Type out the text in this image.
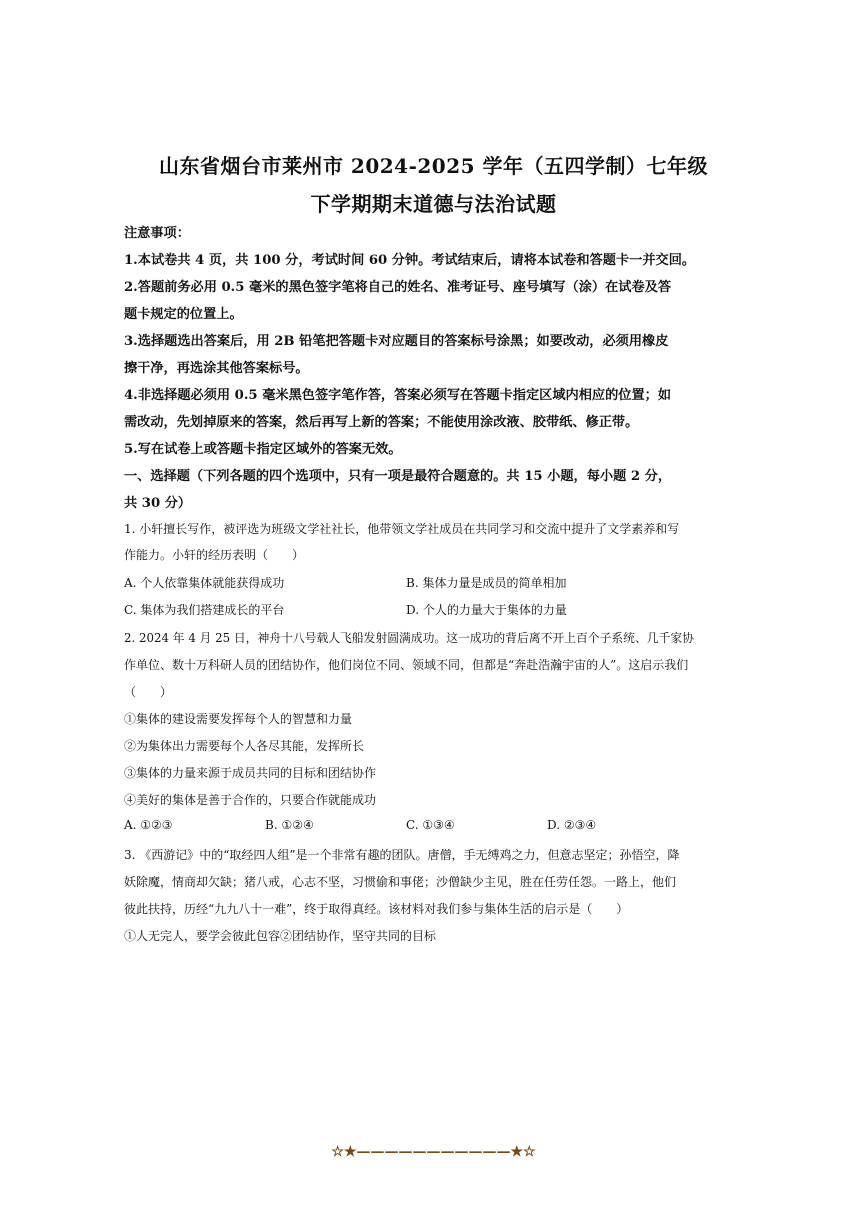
山东省烟台市莱州市 2024-2025 学年（五四学制）七年级
下学期期末道德与法治试题
注意事项：
1.本试卷共 4 页，共 100 分，考试时间 60 分钟。考试结束后，请将本试卷和答题卡一并交回。
2.答题前务必用 0.5 毫米的黑色签字笔将自己的姓名、准考证号、座号填写（涂）在试卷及答
题卡规定的位置上。
3.选择题选出答案后，用 2B 铅笔把答题卡对应题目的答案标号涂黑；如要改动，必须用橡皮
擦干净，再选涂其他答案标号。
4.非选择题必须用 0.5 毫米黑色签字笔作答，答案必须写在答题卡指定区域内相应的位置；如
需改动，先划掉原来的答案，然后再写上新的答案；不能使用涂改液、胶带纸、修正带。
5.写在试卷上或答题卡指定区域外的答案无效。
一、选择题（下列各题的四个选项中，只有一项是最符合题意的。共 15 小题，每小题 2 分，
共 30 分）
1. 小轩擅长写作，被评选为班级文学社社长，他带领文学社成员在共同学习和交流中提升了文学素养和写
作能力。小轩的经历表明（　　）
A. 个人依靠集体就能获得成功	B. 集体力量是成员的简单相加
C. 集体为我们搭建成长的平台	D. 个人的力量大于集体的力量
2. 2024 年 4 月 25 日，神舟十八号载人飞船发射圆满成功。这一成功的背后离不开上百个子系统、几千家协
作单位、数十万科研人员的团结协作，他们岗位不同、领域不同，但都是“奔赴浩瀚宇宙的人”。这启示我们
（　　）
①集体的建设需要发挥每个人的智慧和力量
②为集体出力需要每个人各尽其能，发挥所长
③集体的力量来源于成员共同的目标和团结协作
④美好的集体是善于合作的，只要合作就能成功
A. ①②③	B. ①②④	C. ①③④	D. ②③④
3. 《西游记》中的“取经四人组”是一个非常有趣的团队。唐僧，手无缚鸡之力，但意志坚定；孙悟空，降
妖除魔，情商却欠缺；猪八戒，心志不坚，习惯偷和事佬；沙僧缺少主见，胜在任劳任怨。一路上，他们
彼此扶持，历经“九九八十一难”，终于取得真经。该材料对我们参与集体生活的启示是（　　）
①人无完人，要学会彼此包容②团结协作，坚守共同的目标
☆★———————————★☆
